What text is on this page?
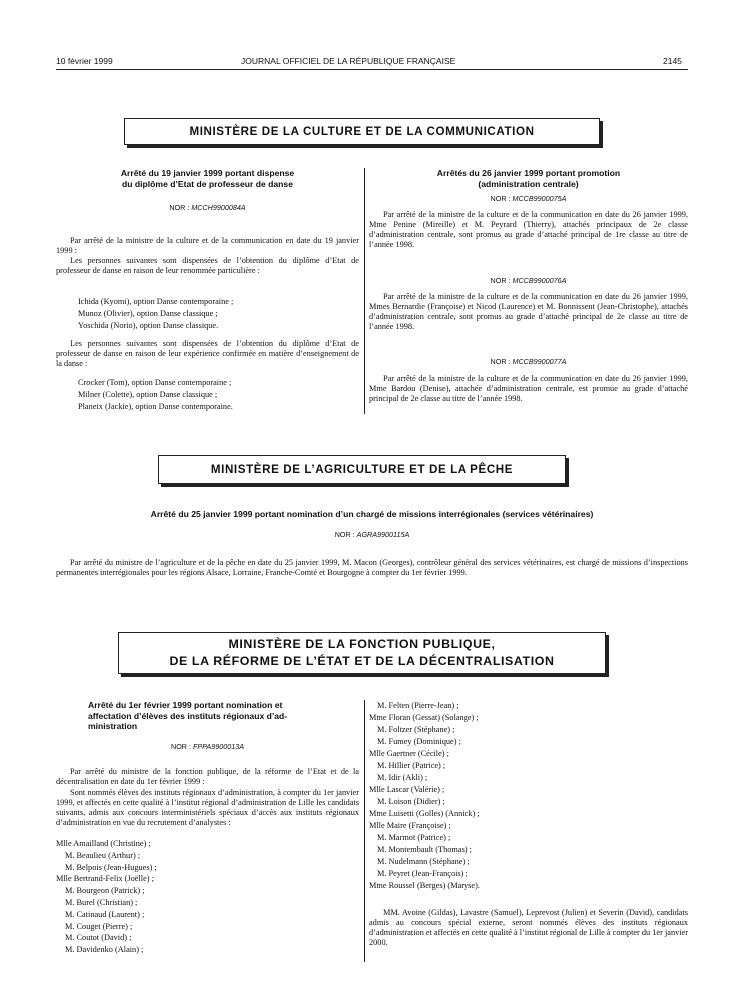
10 février 1999	JOURNAL OFFICIEL DE LA RÉPUBLIQUE FRANÇAISE	2145
MINISTÈRE DE LA CULTURE ET DE LA COMMUNICATION
Arrêté du 19 janvier 1999 portant dispense
du diplôme d’Etat de professeur de danse
NOR : MCCH9900084A

Par arrêté de la ministre de la culture et de la communication en date du 19 janvier 1999 :

Les personnes suivantes sont dispensées de l’obtention du diplôme d’Etat de professeur de danse en raison de leur renommée particulière :

Ichida (Kyomi), option Danse contemporaine ;
Munoz (Olivier), option Danse classique ;
Yoschida (Norio), option Danse classique.

Les personnes suivantes sont dispensées de l’obtention du diplôme d’Etat de professeur de danse en raison de leur expérience confirmée en matière d’enseignement de la danse :

Crocker (Tom), option Danse contemporaine ;
Milner (Colette), option Danse classique ;
Planeix (Jackie), option Danse contemporaine.
Arrêtés du 26 janvier 1999 portant promotion
(administration centrale)
NOR : MCCB9900075A

Par arrêté de la ministre de la culture et de la communication en date du 26 janvier 1999, Mme Penine (Mireille) et M. Peyrard (Thierry), attachés principaux de 2e classe d’administration centrale, sont promus au grade d’attaché principal de 1re classe au titre de l’année 1998.

NOR : MCCB9900076A

Par arrêté de la ministre de la culture et de la communication en date du 26 janvier 1999, Mmes Bernardie (Françoise) et Nicod (Laurence) et M. Bonnissent (Jean-Christophe), attachés d’administration centrale, sont promus au grade d’attaché principal de 2e classe au titre de l’année 1998.

NOR : MCCB9900077A

Par arrêté de la ministre de la culture et de la communication en date du 26 janvier 1999, Mme Bardou (Denise), attachée d’administration centrale, est promue au grade d’attaché principal de 2e classe au titre de l’année 1998.

MINISTÈRE DE L’AGRICULTURE ET DE LA PÊCHE
Arrêté du 25 janvier 1999 portant nomination d’un chargé de missions interrégionales (services vétérinaires)
NOR : AGRA9900115A

Par arrêté du ministre de l’agriculture et de la pêche en date du 25 janvier 1999, M. Macon (Georges), contrôleur général des services vétérinaires, est chargé de missions d’inspections permanentes interrégionales pour les régions Alsace, Lorraine, Franche-Comté et Bourgogne à compter du 1er février 1999.

MINISTÈRE DE LA FONCTION PUBLIQUE,
DE LA RÉFORME DE L’ÉTAT ET DE LA DÉCENTRALISATION
Arrêté du 1er février 1999 portant nomination et
affectation d’élèves des instituts régionaux d’ad-
ministration
NOR : FPPA9900013A

Par arrêté du ministre de la fonction publique, de la réforme de l’Etat et de la décentralisation en date du 1er février 1999 :

Sont nommés élèves des instituts régionaux d’administration, à compter du 1er janvier 1999, et affectés en cette qualité à l’institut régional d’administration de Lille les candidats suivants, admis aux concours interministériels spéciaux d’accès aux instituts régionaux d’administration en vue du recrutement d’analystes :

Mlle Amailland (Christine) ;
M. Beaulieu (Arthur) ;
M. Belpois (Jean-Hugues) ;
Mlle Bertrand-Felix (Joëlle) ;
M. Bourgeon (Patrick) ;
M. Burel (Christian) ;
M. Catinaud (Laurent) ;
M. Couget (Pierre) ;
M. Coutot (David) ;
M. Davidenko (Alain) ;
M. Felten (Pierre-Jean) ;
Mme Floran (Gessat) (Solange) ;
M. Foltzer (Stéphane) ;
M. Fumey (Dominique) ;
Mlle Gaertner (Cécile) ;
M. Hillier (Patrice) ;
M. Idir (Akli) ;
Mlle Lascar (Valérie) ;
M. Loison (Didier) ;
Mme Luisetti (Golles) (Annick) ;
Mlle Maire (Françoise) ;
M. Marmot (Patrice) ;
M. Montembault (Thomas) ;
M. Nudelmann (Stéphane) ;
M. Peyret (Jean-François) ;
Mme Roussel (Berges) (Maryse).

MM. Avoine (Gildas), Lavastre (Samuel), Leprevost (Julien) et Severin (David), candidats admis au concours spécial externe, seront nommés élèves des instituts régionaux d’administration et affectés en cette qualité à l’institut régional de Lille à compter du 1er janvier 2000.
